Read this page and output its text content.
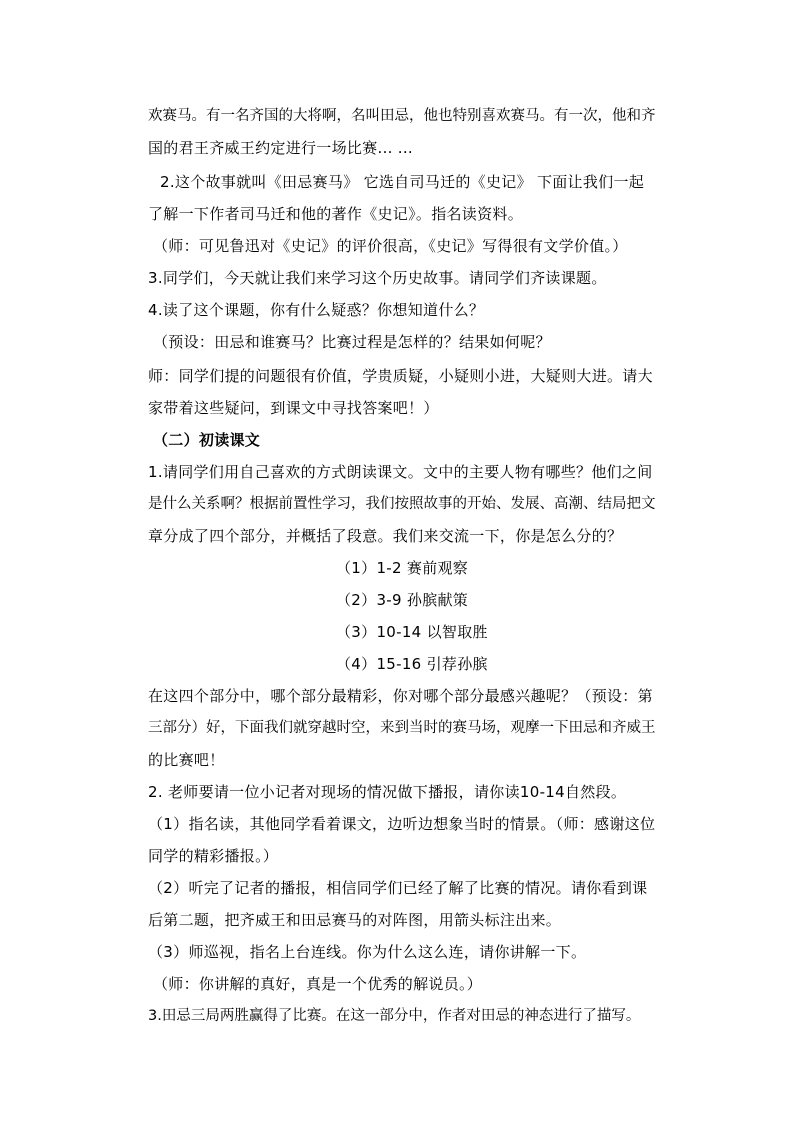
欢赛马。有一名齐国的大将啊，名叫田忌，他也特别喜欢赛马。有一次，他和齐
国的君王齐威王约定进行一场比赛... ...
2.这个故事就叫《田忌赛马》 它选自司马迁的《史记》 下面让我们一起
了解一下作者司马迁和他的著作《史记》。指名读资料。
（师：可见鲁迅对《史记》的评价很高，《史记》写得很有文学价值。）
3.同学们，今天就让我们来学习这个历史故事。请同学们齐读课题。
4.读了这个课题，你有什么疑惑？你想知道什么？
（预设：田忌和谁赛马？比赛过程是怎样的？结果如何呢？
师：同学们提的问题很有价值，学贵质疑，小疑则小进，大疑则大进。请大
家带着这些疑问，到课文中寻找答案吧！）
（二）初读课文
1.请同学们用自己喜欢的方式朗读课文。文中的主要人物有哪些？他们之间
是什么关系啊？根据前置性学习，我们按照故事的开始、发展、高潮、结局把文
章分成了四个部分，并概括了段意。我们来交流一下，你是怎么分的？
（1）1-2 赛前观察
（2）3-9 孙膑献策
（3）10-14 以智取胜
（4）15-16 引荐孙膑
在这四个部分中，哪个部分最精彩，你对哪个部分最感兴趣呢？（预设：第
三部分）好，下面我们就穿越时空，来到当时的赛马场，观摩一下田忌和齐威王
的比赛吧！
2. 老师要请一位小记者对现场的情况做下播报，请你读10-14自然段。
（1）指名读，其他同学看着课文，边听边想象当时的情景。（师：感谢这位
同学的精彩播报。）
（2）听完了记者的播报，相信同学们已经了解了比赛的情况。请你看到课
后第二题，把齐威王和田忌赛马的对阵图，用箭头标注出来。
（3）师巡视，指名上台连线。你为什么这么连，请你讲解一下。
（师：你讲解的真好，真是一个优秀的解说员。）
3.田忌三局两胜赢得了比赛。在这一部分中，作者对田忌的神态进行了描写。
